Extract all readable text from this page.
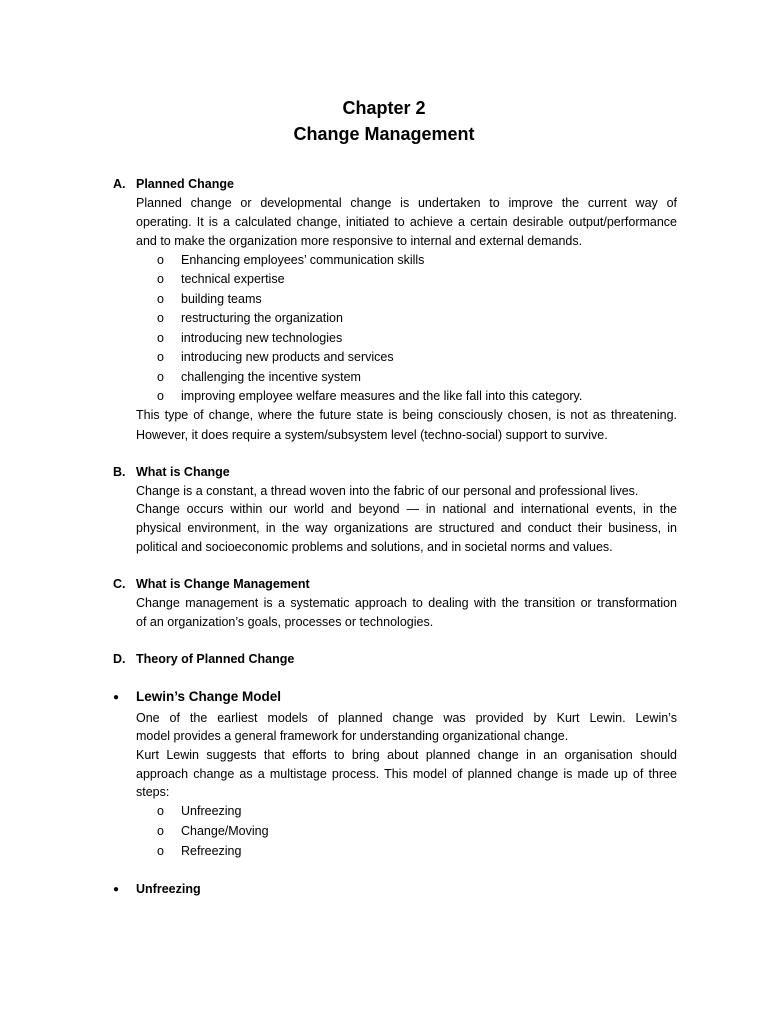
Chapter 2
Change Management
A. Planned Change
Planned change or developmental change is undertaken to improve the current way of
operating. It is a calculated change, initiated to achieve a certain desirable output/performance
and to make the organization more responsive to internal and external demands.
o Enhancing employees’ communication skills
o technical expertise
o building teams
o restructuring the organization
o introducing new technologies
o introducing new products and services
o challenging the incentive system
o improving employee welfare measures and the like fall into this category.
This type of change, where the future state is being consciously chosen, is not as threatening.
However, it does require a system/subsystem level (techno-social) support to survive.
B. What is Change
Change is a constant, a thread woven into the fabric of our personal and professional lives.
Change occurs within our world and beyond — in national and international events, in the
physical environment, in the way organizations are structured and conduct their business, in
political and socioeconomic problems and solutions, and in societal norms and values.
C. What is Change Management
Change management is a systematic approach to dealing with the transition or transformation
of an organization’s goals, processes or technologies.
D. Theory of Planned Change
● Lewin’s Change Model
One of the earliest models of planned change was provided by Kurt Lewin. Lewin’s
model provides a general framework for understanding organizational change.
Kurt Lewin suggests that efforts to bring about planned change in an organisation should
approach change as a multistage process. This model of planned change is made up of three
steps:
o Unfreezing
o Change/Moving
o Refreezing
● Unfreezing
